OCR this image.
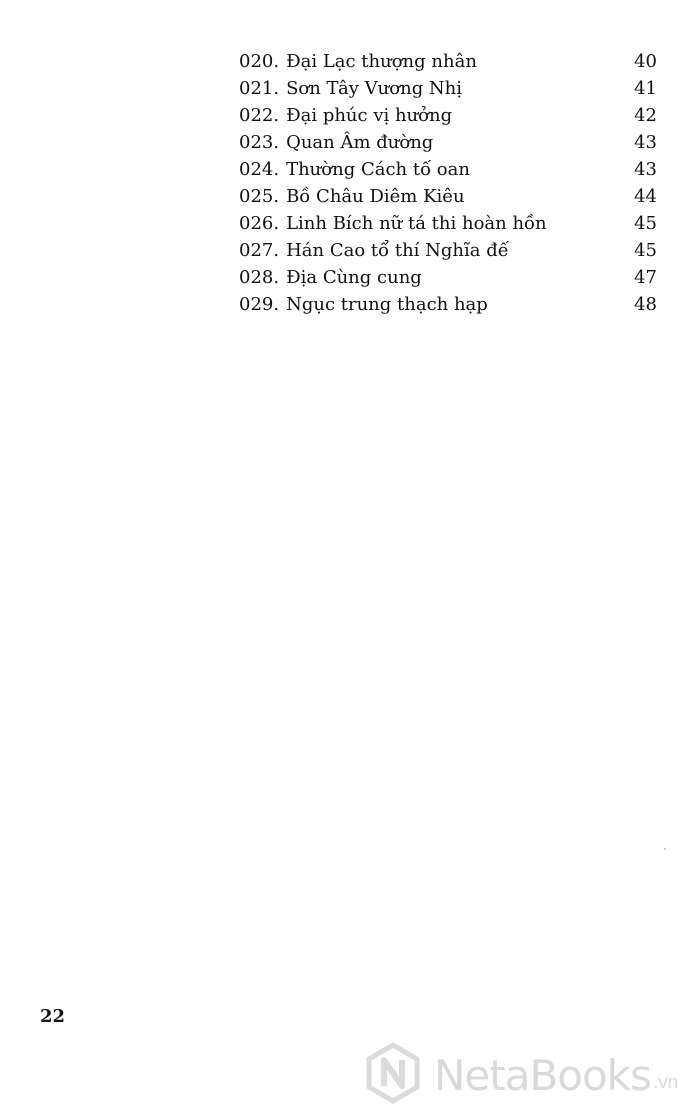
020. Đại Lạc thượng nhân	40
021. Sơn Tây Vương Nhị	41
022. Đại phúc vị hưởng	42
023. Quan Âm đường	43
024. Thường Cách tố oan	43
025. Bồ Châu Diêm Kiêu	44
026. Linh Bích nữ tá thi hoàn hồn	45
027. Hán Cao tổ thí Nghĩa đế	45
028. Địa Cùng cung	47
029. Ngục trung thạch hạp	48
22
NetaBooks .vn
